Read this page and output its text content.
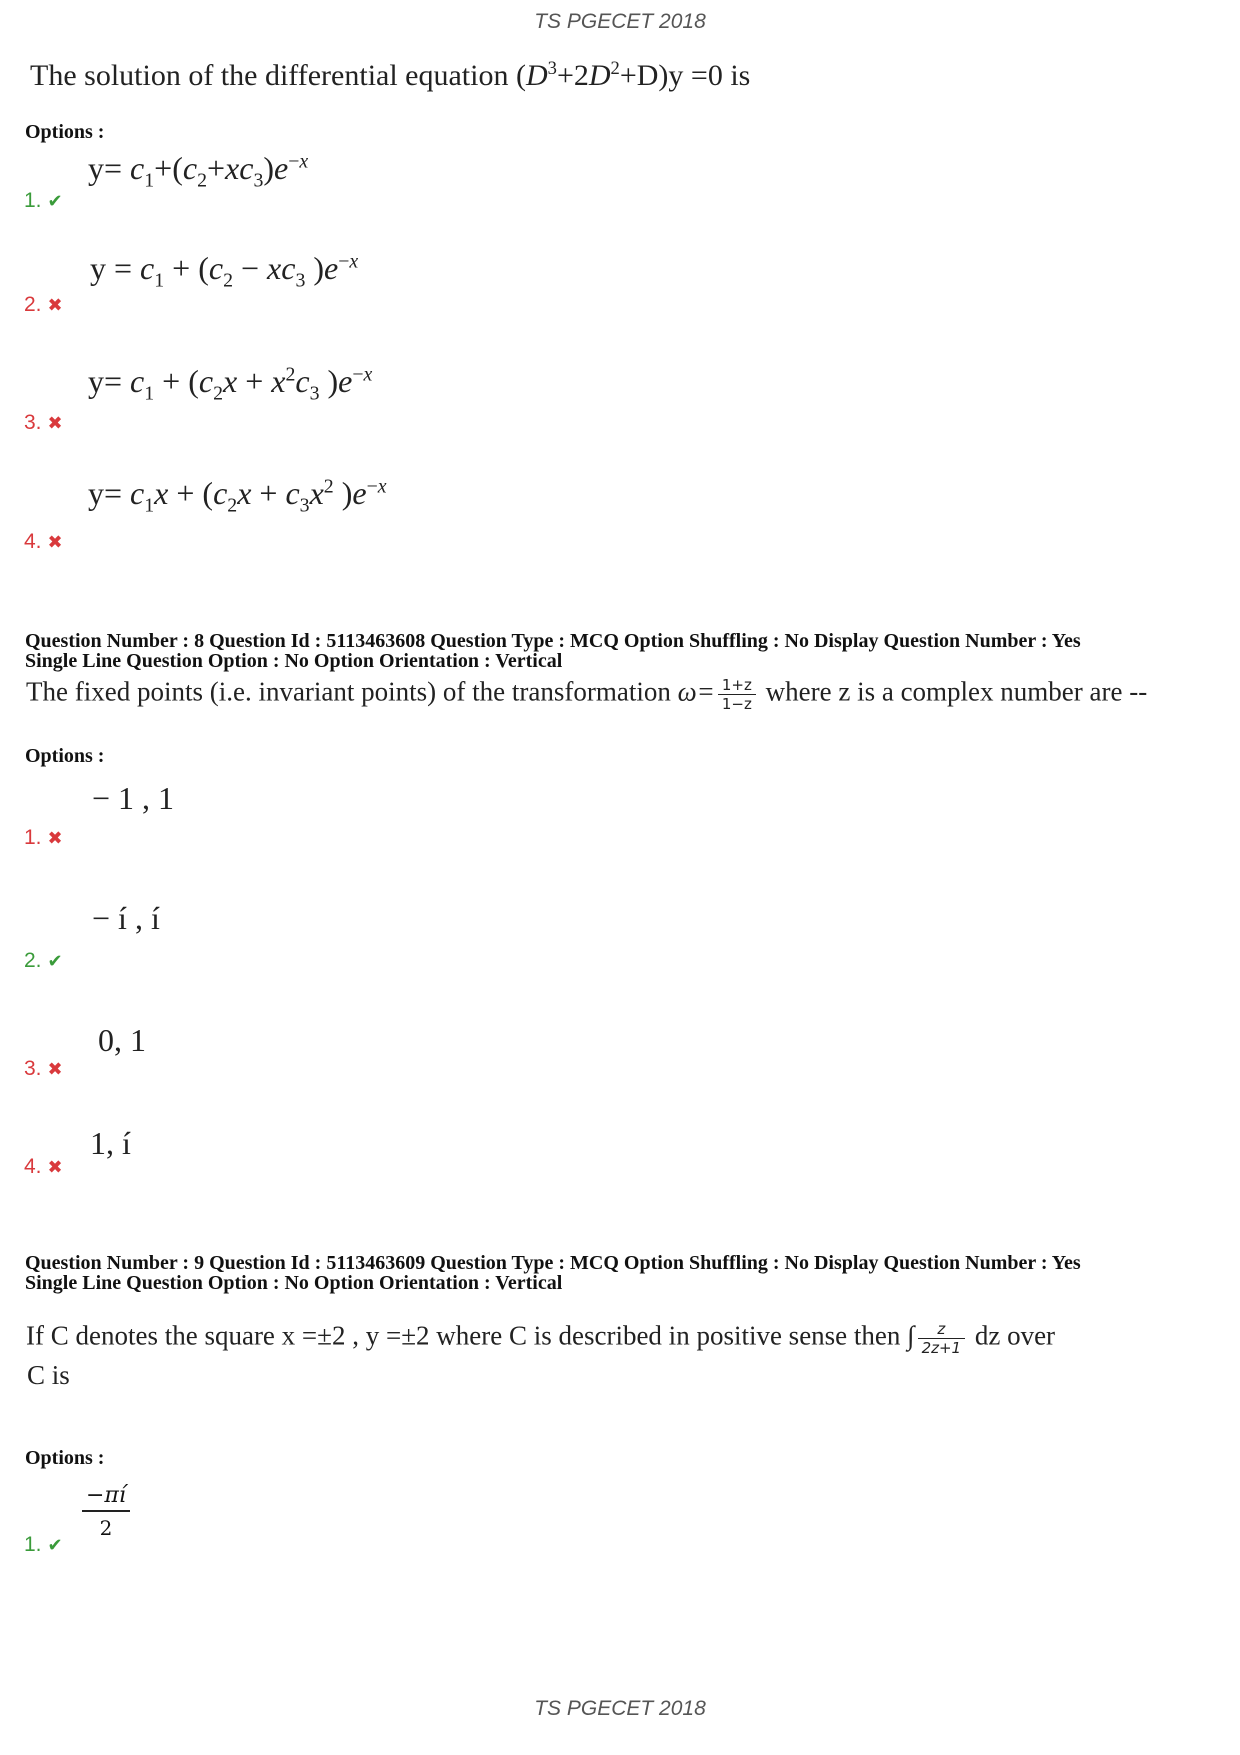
TS PGECET 2018
The solution of the differential equation $(D^3+2D^2+D)y =0$ is
Options :
$y= c_1+(c_2+xc_3)e^{-x}$
1. ✔
$y = c_1 + (c_2 - xc_3$ )$e^{-x}$
2. ✖
$y= c_1 + (c_2x + x^2c_3$ )$e^{-x}$
3. ✖
$y= c_1x + (c_2x + c_3x^2$ )$e^{-x}$
4. ✖
Question Number : 8 Question Id : 5113463608 Question Type : MCQ Option Shuffling : No Display Question Number : Yes
Single Line Question Option : No Option Orientation : Vertical
The fixed points (i.e. invariant points) of the transformation $\omega= \frac{1+z}{1-z}$ where z is a complex number are --
Options :
− 1 , 1
1. ✖
− í , í
2. ✔
0, 1
3. ✖
1, í
4. ✖
Question Number : 9 Question Id : 5113463609 Question Type : MCQ Option Shuffling : No Display Question Number : Yes
Single Line Question Option : No Option Orientation : Vertical
If C denotes the square x =±2 , y =±2 where C is described in positive sense then ∫ $\frac{z}{2z+1}$ dz over
C is
Options :
−πí
2
1. ✔
TS PGECET 2018
